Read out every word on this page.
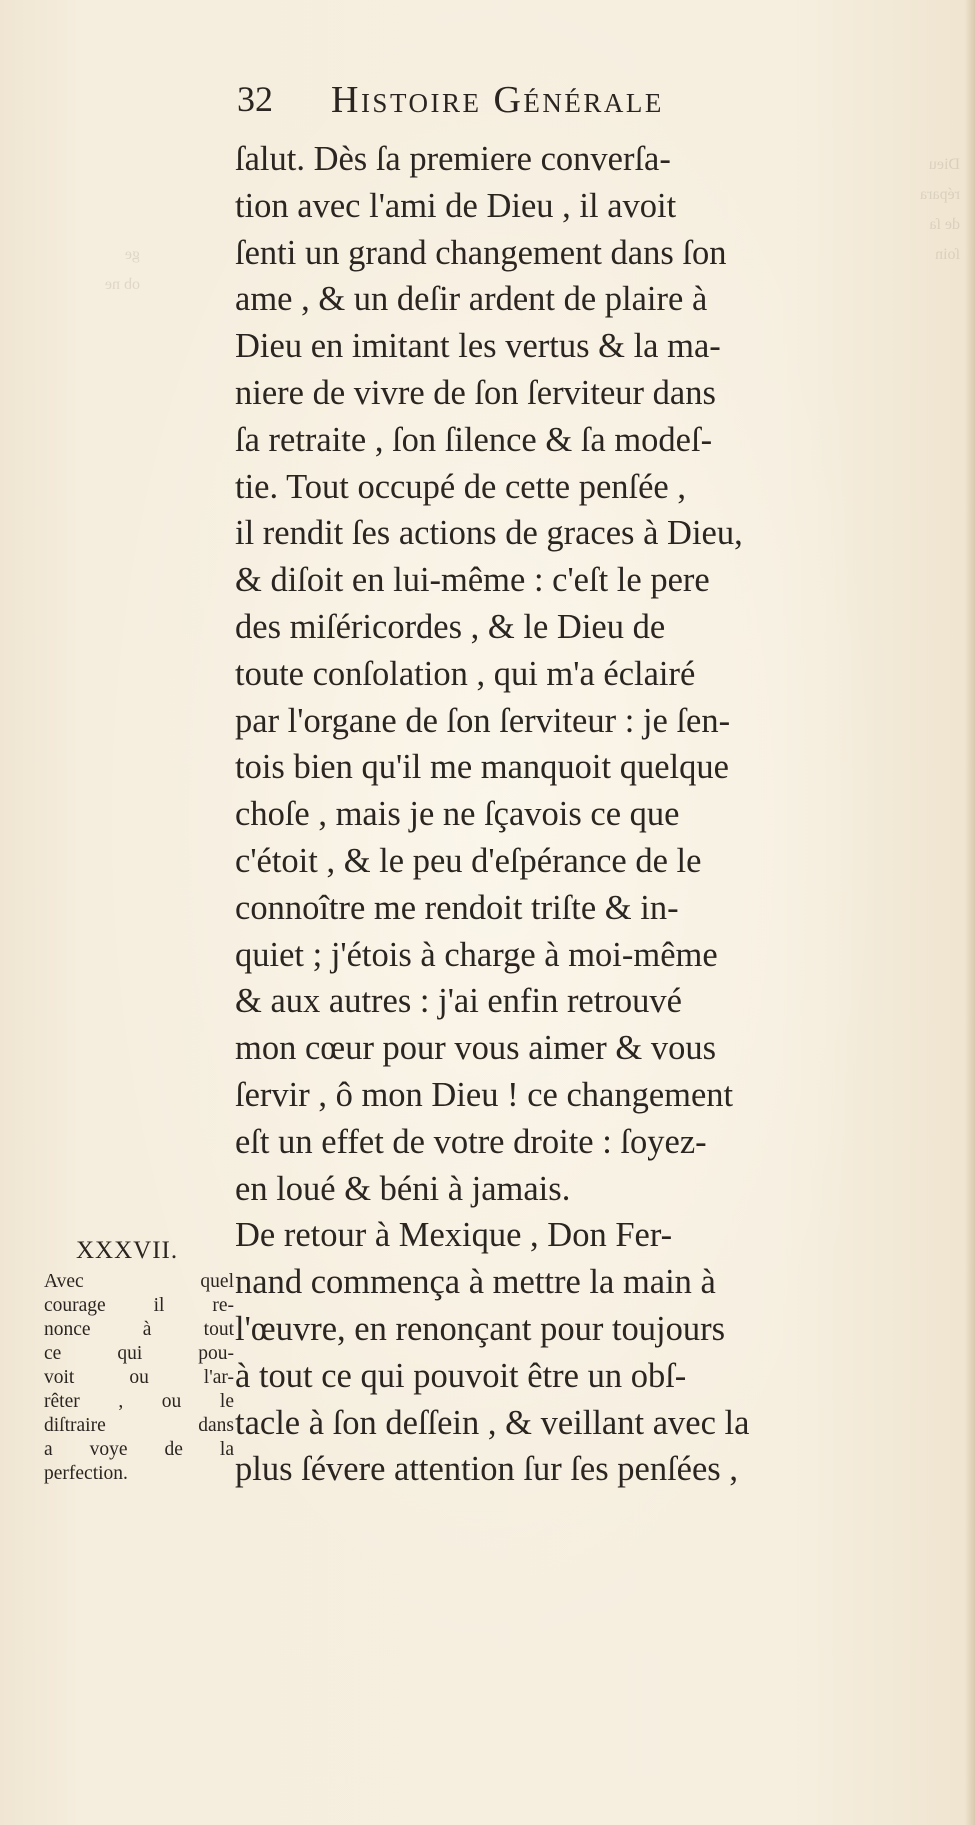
Dieu
répara
de ſa
ſoin
ge
ob ne
32 Histoire Générale
ſalut. Dès ſa premiere converſa-
tion avec l'ami de Dieu , il avoit
ſenti un grand changement dans ſon
ame , & un deſir ardent de plaire à
Dieu en imitant les vertus & la ma-
niere de vivre de ſon ſerviteur dans
ſa retraite , ſon ſilence & ſa modeſ-
tie. Tout occupé de cette penſée ,
il rendit ſes actions de graces à Dieu,
& diſoit en lui-même : c'eſt le pere
des miſéricordes , & le Dieu de
toute conſolation , qui m'a éclairé
par l'organe de ſon ſerviteur : je ſen-
tois bien qu'il me manquoit quelque
choſe , mais je ne ſçavois ce que
c'étoit , & le peu d'eſpérance de le
connoître me rendoit triſte & in-
quiet ; j'étois à charge à moi-même
& aux autres : j'ai enfin retrouvé
mon cœur pour vous aimer & vous
ſervir , ô mon Dieu ! ce changement
eſt un effet de votre droite : ſoyez-
en loué & béni à jamais.
De retour à Mexique , Don Fer-
nand commença à mettre la main à
l'œuvre, en renonçant pour toujours
à tout ce qui pouvoit être un obſ-
tacle à ſon deſſein , & veillant avec la
plus ſévere attention ſur ſes penſées ,
XXXVII.
Avec quel
courage il re-
nonce à tout
ce qui pou-
voit ou l'ar-
rêter , ou le
diſtraire dans
a voye de la
perfection.
